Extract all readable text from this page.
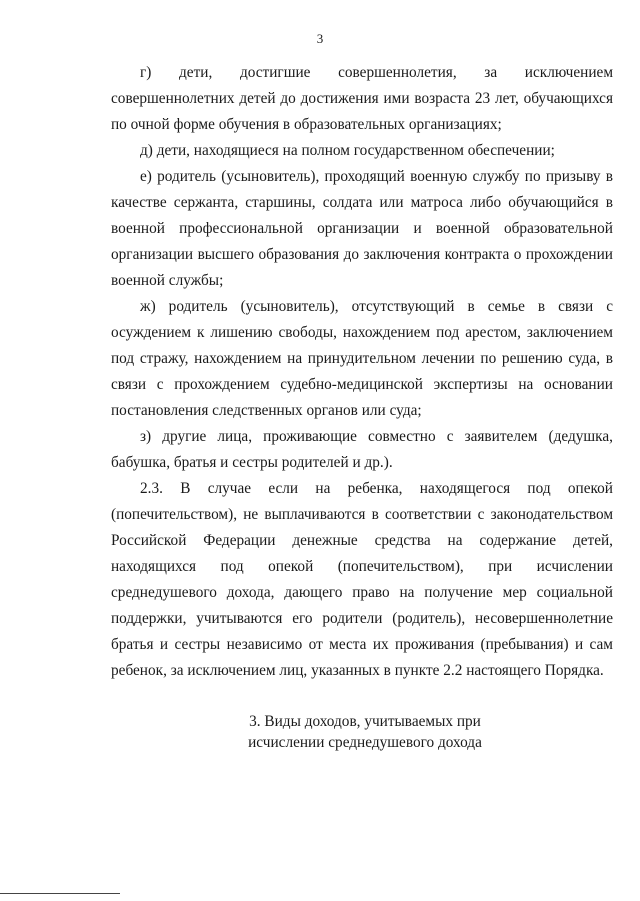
3

г) дети, достигшие совершеннолетия, за исключением совершеннолетних детей до достижения ими возраста 23 лет, обучающихся по очной форме обучения в образовательных организациях;

д) дети, находящиеся на полном государственном обеспечении;

е) родитель (усыновитель), проходящий военную службу по призыву в качестве сержанта, старшины, солдата или матроса либо обучающийся в военной профессиональной организации и военной образовательной организации высшего образования до заключения контракта о прохождении военной службы;

ж) родитель (усыновитель), отсутствующий в семье в связи с осуждением к лишению свободы, нахождением под арестом, заключением под стражу, нахождением на принудительном лечении по решению суда, в связи с прохождением судебно-медицинской экспертизы на основании постановления следственных органов или суда;

з) другие лица, проживающие совместно с заявителем (дедушка, бабушка, братья и сестры родителей и др.).

2.3. В случае если на ребенка, находящегося под опекой (попечительством), не выплачиваются в соответствии с законодательством Российской Федерации денежные средства на содержание детей, находящихся под опекой (попечительством), при исчислении среднедушевого дохода, дающего право на получение мер социальной поддержки, учитываются его родители (родитель), несовершеннолетние братья и сестры независимо от места их проживания (пребывания) и сам ребенок, за исключением лиц, указанных в пункте 2.2 настоящего Порядка.

3. Виды доходов, учитываемых при
исчислении среднедушевого дохода
